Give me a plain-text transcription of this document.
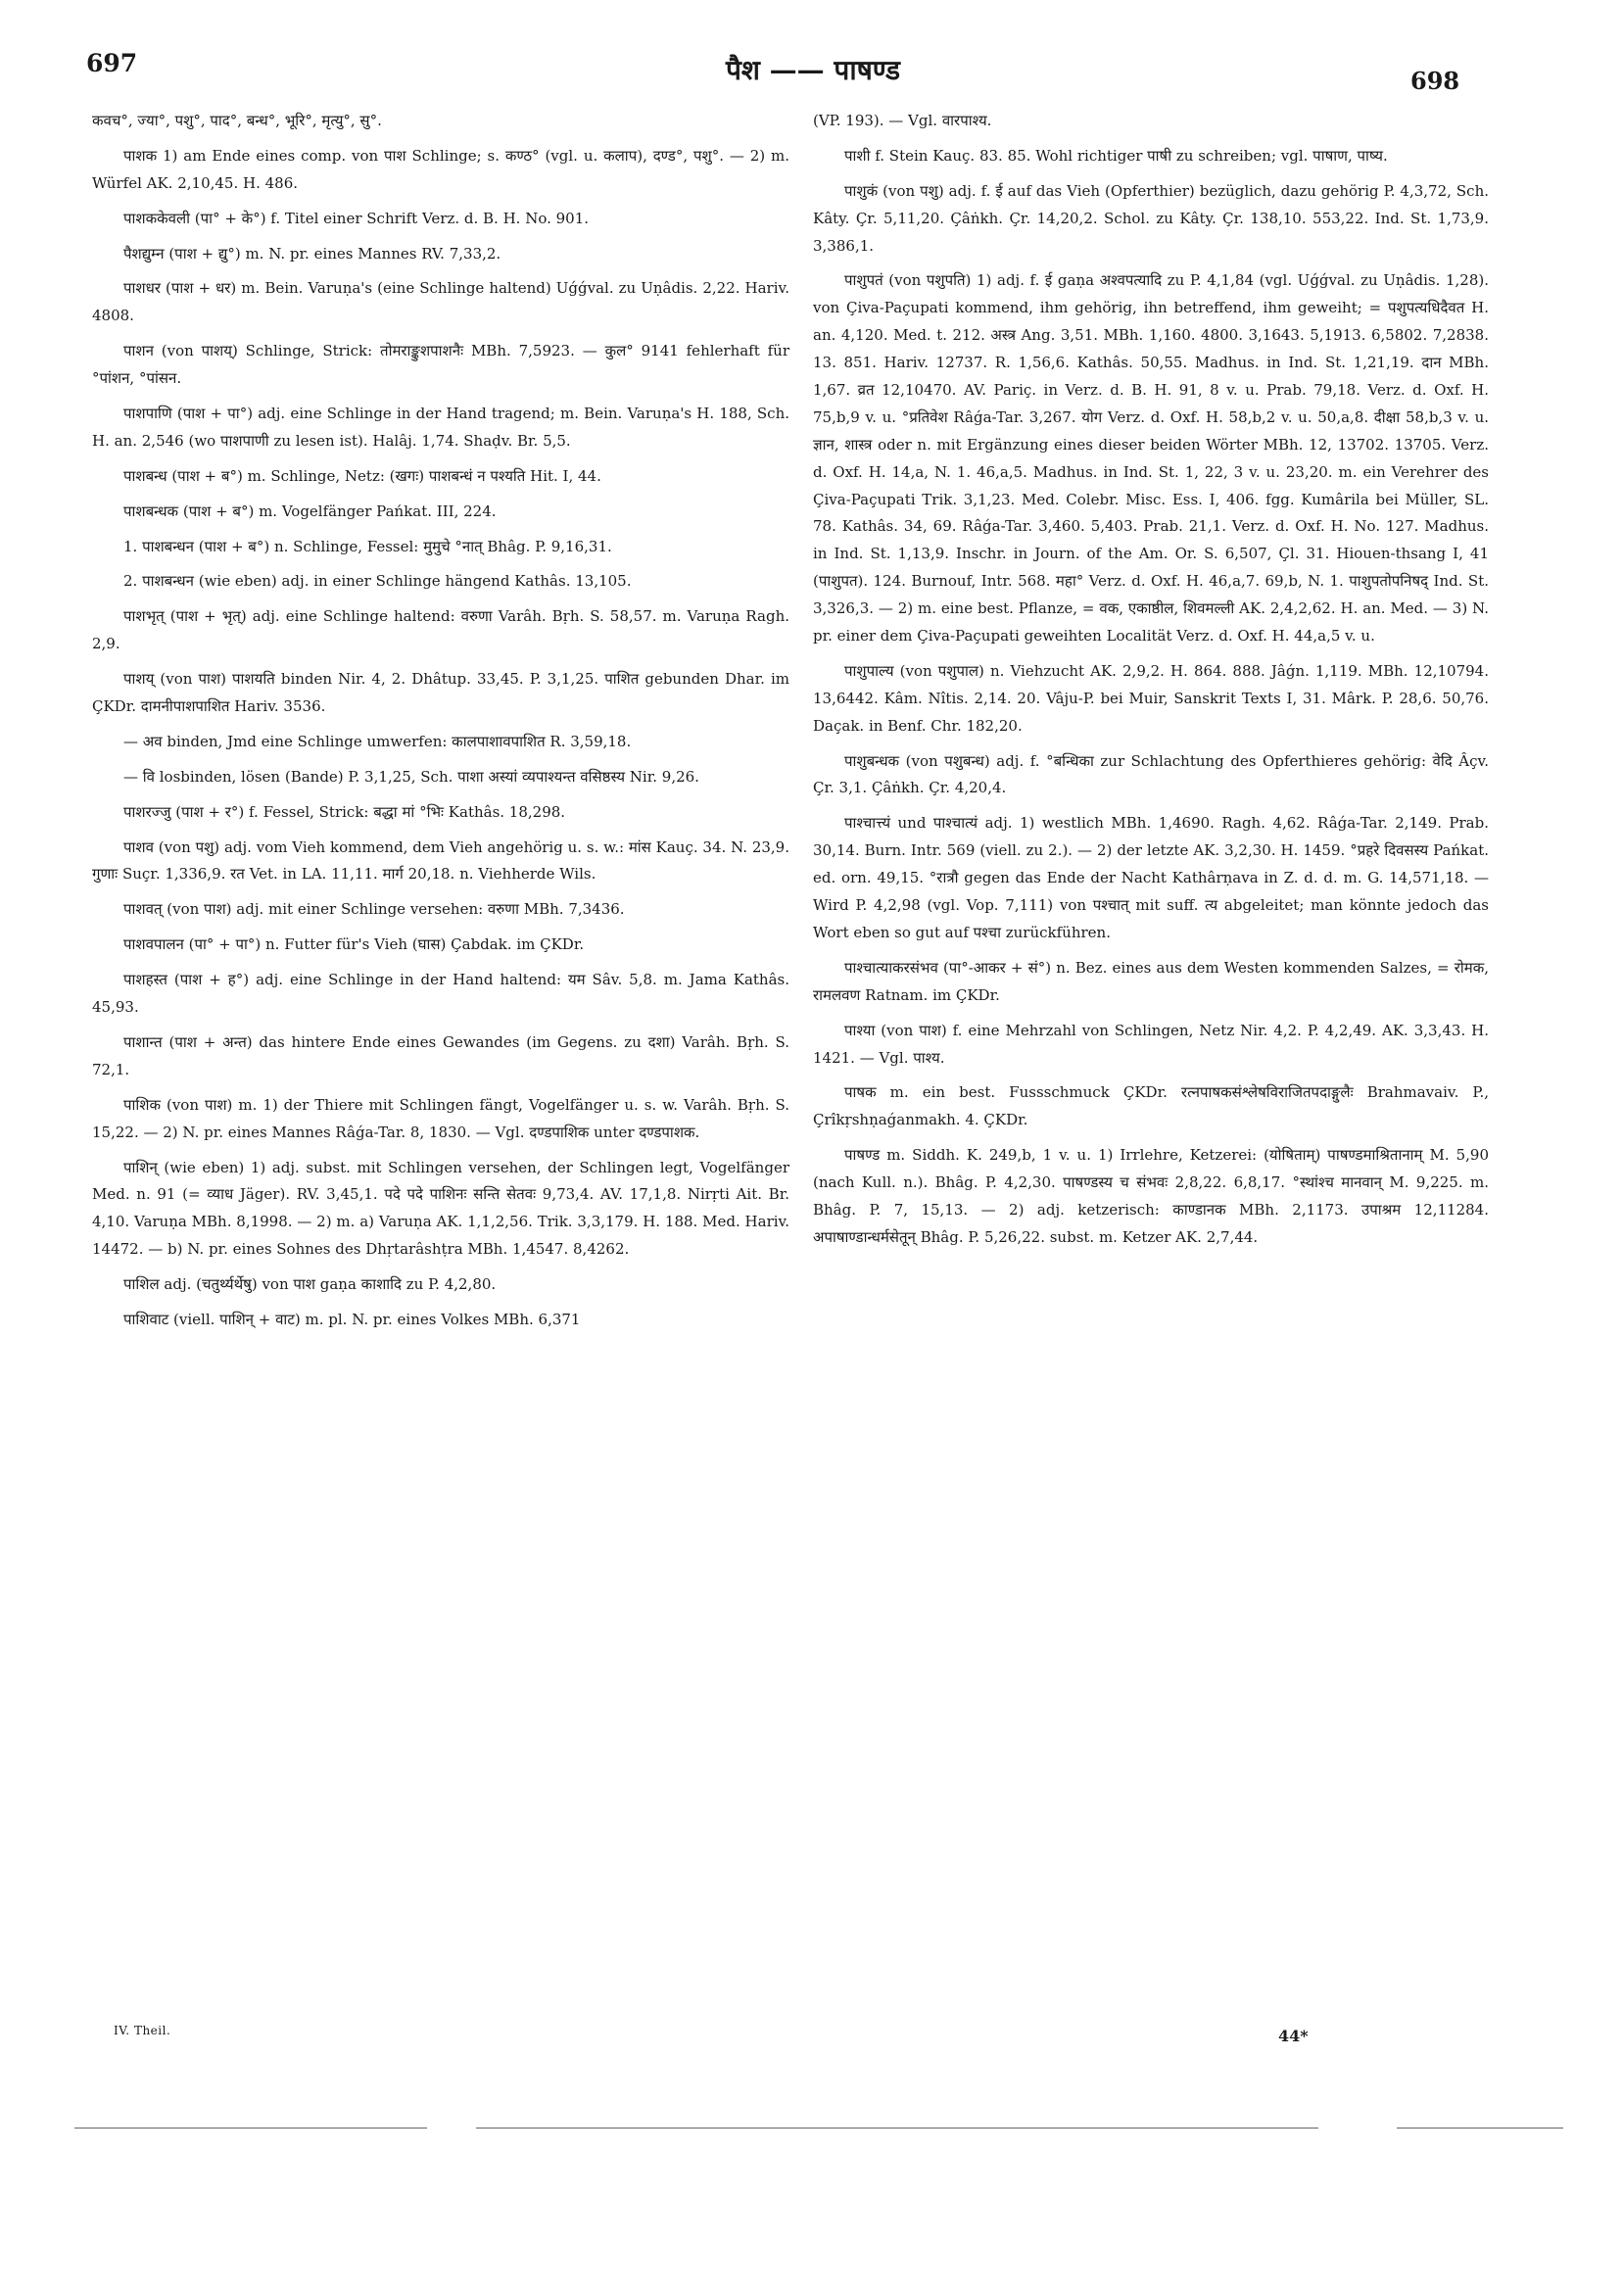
697	पैश —— पाषण्ड	698

कवच°, ज्या°, पशु°, पाद°, बन्ध°, भूरि°, मृत्यु°, सु°.

पाशक 1) am Ende eines comp. von पाश Schlinge; s. कण्ठ° (vgl. u. कलाप), दण्ड°, पशु°. — 2) m. Würfel AK. 2,10,45. H. 486.

पाशककेवली (पा° + के°) f. Titel einer Schrift Verz. d. B. H. No. 901.

पैशद्युम्न (पाश + द्यु°) m. N. pr. eines Mannes RV. 7,33,2.

पाशधर (पाश + धर) m. Bein. Varuṇa's (eine Schlinge haltend) Uǵǵval. zu Uṇâdis. 2,22. Hariv. 4808.

पाशन (von पाशय्) Schlinge, Strick: तोमराङ्कुशपाशनैः MBh. 7,5923. — कुल° 9141 fehlerhaft für °पांशन, °पांसन.

पाशपाणि (पाश + पा°) adj. eine Schlinge in der Hand tragend; m. Bein. Varuṇa's H. 188, Sch. H. an. 2,546 (wo पाशपाणी zu lesen ist). Halâj. 1,74. Shaḍv. Br. 5,5.

पाशबन्ध (पाश + ब°) m. Schlinge, Netz: (खगः) पाशबन्धं न पश्यति Hit. I, 44.

पाशबन्धक (पाश + ब°) m. Vogelfänger Pańkat. III, 224.

1. पाशबन्धन (पाश + ब°) n. Schlinge, Fessel: मुमुचे °नात् Bhâg. P. 9,16,31.

2. पाशबन्धन (wie eben) adj. in einer Schlinge hängend Kathâs. 13,105.

पाशभृत् (पाश + भृत्) adj. eine Schlinge haltend: वरुणा Varâh. Bṛh. S. 58,57. m. Varuṇa Ragh. 2,9.

पाशय् (von पाश) पाशयति binden Nir. 4, 2. Dhâtup. 33,45. P. 3,1,25. पाशित gebunden Dhar. im ÇKDr. दामनीपाशपाशित Hariv. 3536.

— अव binden, Jmd eine Schlinge umwerfen: कालपाशावपाशित R. 3,59,18.

— वि losbinden, lösen (Bande) P. 3,1,25, Sch. पाशा अस्यां व्यपाश्यन्त वसिष्ठस्य Nir. 9,26.

पाशरज्जु (पाश + र°) f. Fessel, Strick: बद्धा मां °भिः Kathâs. 18,298.

पाशव (von पशु) adj. vom Vieh kommend, dem Vieh angehörig u. s. w.: मांस Kauç. 34. N. 23,9. गुणाः Suçr. 1,336,9. रत Vet. in LA. 11,11. मार्ग 20,18. n. Viehherde Wils.

पाशवत् (von पाश) adj. mit einer Schlinge versehen: वरुणा MBh. 7,3436.

पाशवपालन (पा° + पा°) n. Futter für's Vieh (घास) Çabdak. im ÇKDr.

पाशहस्त (पाश + ह°) adj. eine Schlinge in der Hand haltend: यम Sâv. 5,8. m. Jama Kathâs. 45,93.

पाशान्त (पाश + अन्त) das hintere Ende eines Gewandes (im Gegens. zu दशा) Varâh. Bṛh. S. 72,1.

पाशिक (von पाश) m. 1) der Thiere mit Schlingen fängt, Vogelfänger u. s. w. Varâh. Bṛh. S. 15,22. — 2) N. pr. eines Mannes Râǵa-Tar. 8, 1830. — Vgl. दण्डपाशिक unter दण्डपाशक.

पाशिन् (wie eben) 1) adj. subst. mit Schlingen versehen, der Schlingen legt, Vogelfänger Med. n. 91 (= व्याध Jäger). RV. 3,45,1. पदे पदे पाशिनः सन्ति सेतवः 9,73,4. AV. 17,1,8. Nirṛti Ait. Br. 4,10. Varuṇa MBh. 8,1998. — 2) m. a) Varuṇa AK. 1,1,2,56. Trik. 3,3,179. H. 188. Med. Hariv. 14472. — b) N. pr. eines Sohnes des Dhṛtarâshṭra MBh. 1,4547. 8,4262.

पाशिल adj. (चतुर्थ्यर्थेषु) von पाश gaṇa काशादि zu P. 4,2,80.

पाशिवाट (viell. पाशिन् + वाट) m. pl. N. pr. eines Volkes MBh. 6,371

(VP. 193). — Vgl. वारपाश्य.

पाशी f. Stein Kauç. 83. 85. Wohl richtiger पाषी zu schreiben; vgl. पाषाण, पाष्य.

पाशुकं (von पशु) adj. f. ई auf das Vieh (Opferthier) bezüglich, dazu gehörig P. 4,3,72, Sch. Kâty. Çr. 5,11,20. Çâṅkh. Çr. 14,20,2. Schol. zu Kâty. Çr. 138,10. 553,22. Ind. St. 1,73,9. 3,386,1.

पाशुपतं (von पशुपति) 1) adj. f. ई gaṇa अश्वपत्यादि zu P. 4,1,84 (vgl. Uǵǵval. zu Uṇâdis. 1,28). von Çiva-Paçupati kommend, ihm gehörig, ihn betreffend, ihm geweiht; = पशुपत्यधिदैवत H. an. 4,120. Med. t. 212. अस्त्र Ang. 3,51. MBh. 1,160. 4800. 3,1643. 5,1913. 6,5802. 7,2838. 13. 851. Hariv. 12737. R. 1,56,6. Kathâs. 50,55. Madhus. in Ind. St. 1,21,19. दान MBh. 1,67. व्रत 12,10470. AV. Pariç. in Verz. d. B. H. 91, 8 v. u. Prab. 79,18. Verz. d. Oxf. H. 75,b,9 v. u. °प्रतिवेश Râǵa-Tar. 3,267. योग Verz. d. Oxf. H. 58,b,2 v. u. 50,a,8. दीक्षा 58,b,3 v. u. ज्ञान, शास्त्र oder n. mit Ergänzung eines dieser beiden Wörter MBh. 12, 13702. 13705. Verz. d. Oxf. H. 14,a, N. 1. 46,a,5. Madhus. in Ind. St. 1, 22, 3 v. u. 23,20. m. ein Verehrer des Çiva-Paçupati Trik. 3,1,23. Med. Colebr. Misc. Ess. I, 406. fgg. Kumârila bei Müller, SL. 78. Kathâs. 34, 69. Râǵa-Tar. 3,460. 5,403. Prab. 21,1. Verz. d. Oxf. H. No. 127. Madhus. in Ind. St. 1,13,9. Inschr. in Journ. of the Am. Or. S. 6,507, Çl. 31. Hiouen-thsang I, 41 (पाशुपत). 124. Burnouf, Intr. 568. महा° Verz. d. Oxf. H. 46,a,7. 69,b, N. 1. पाशुपतोपनिषद् Ind. St. 3,326,3. — 2) m. eine best. Pflanze, = वक, एकाष्ठील, शिवमल्ली AK. 2,4,2,62. H. an. Med. — 3) N. pr. einer dem Çiva-Paçupati geweihten Localität Verz. d. Oxf. H. 44,a,5 v. u.

पाशुपाल्य (von पशुपाल) n. Viehzucht AK. 2,9,2. H. 864. 888. Jâǵn. 1,119. MBh. 12,10794. 13,6442. Kâm. Nîtis. 2,14. 20. Vâju-P. bei Muir, Sanskrit Texts I, 31. Mârk. P. 28,6. 50,76. Daçak. in Benf. Chr. 182,20.

पाशुबन्धक (von पशुबन्ध) adj. f. °बन्धिका zur Schlachtung des Opferthieres gehörig: वेदि Âçv. Çr. 3,1. Çâṅkh. Çr. 4,20,4.

पाश्चात्त्यं und पाश्चात्यं adj. 1) westlich MBh. 1,4690. Ragh. 4,62. Râǵa-Tar. 2,149. Prab. 30,14. Burn. Intr. 569 (viell. zu 2.). — 2) der letzte AK. 3,2,30. H. 1459. °प्रहरे दिवसस्य Pańkat. ed. orn. 49,15. °रात्रौ gegen das Ende der Nacht Kathârṇava in Z. d. d. m. G. 14,571,18. — Wird P. 4,2,98 (vgl. Vop. 7,111) von पश्चात् mit suff. त्य abgeleitet; man könnte jedoch das Wort eben so gut auf पश्चा zurückführen.

पाश्चात्याकरसंभव (पा°-आकर + सं°) n. Bez. eines aus dem Westen kommenden Salzes, = रोमक, रामलवण Ratnam. im ÇKDr.

पाश्या (von पाश) f. eine Mehrzahl von Schlingen, Netz Nir. 4,2. P. 4,2,49. AK. 3,3,43. H. 1421. — Vgl. पाश्य.

पाषक m. ein best. Fussschmuck ÇKDr. रत्नपाषकसंश्लेषविराजितपदाङ्गुलैः Brahmavaiv. P., Çrîkṛshṇaǵanmakh. 4. ÇKDr.

पाषण्ड m. Siddh. K. 249,b, 1 v. u. 1) Irrlehre, Ketzerei: (योषिताम्) पाषण्डमाश्रितानाम् M. 5,90 (nach Kull. n.). Bhâg. P. 4,2,30. पाषण्डस्य च संभवः 2,8,22. 6,8,17. °स्थांश्च मानवान् M. 9,225. m. Bhâg. P. 7, 15,13. — 2) adj. ketzerisch: काण्डानक MBh. 2,1173. उपाश्रम 12,11284. अपाषाण्डान्धर्मसेतून् Bhâg. P. 5,26,22. subst. m. Ketzer AK. 2,7,44.

IV. Theil.	44*
